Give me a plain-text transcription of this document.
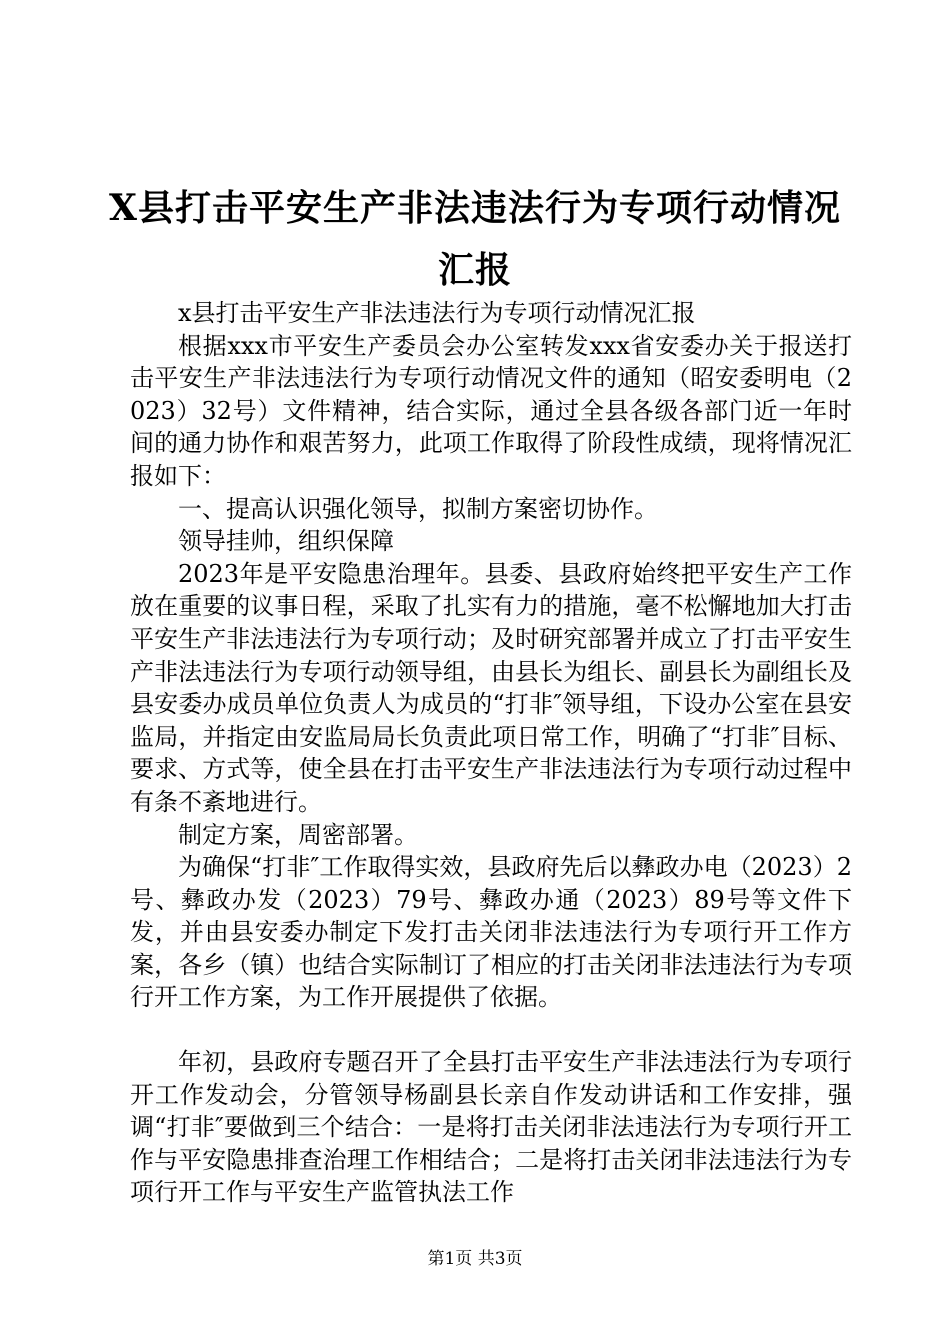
X县打击平安生产非法违法行为专项行动情况
汇报

x县打击平安生产非法违法行为专项行动情况汇报

根据xxx市平安生产委员会办公室转发xxx省安委办关于报送打击平安生产非法违法行为专项行动情况文件的通知（昭安委明电（2023）32号）文件精神，结合实际，通过全县各级各部门近一年时间的通力协作和艰苦努力，此项工作取得了阶段性成绩，现将情况汇报如下：

一、提高认识强化领导，拟制方案密切协作。

领导挂帅，组织保障

2023年是平安隐患治理年。县委、县政府始终把平安生产工作放在重要的议事日程，采取了扎实有力的措施，毫不松懈地加大打击平安生产非法违法行为专项行动；及时研究部署并成立了打击平安生产非法违法行为专项行动领导组，由县长为组长、副县长为副组长及县安委办成员单位负责人为成员的“打非″领导组，下设办公室在县安监局，并指定由安监局局长负责此项日常工作，明确了“打非″目标、要求、方式等，使全县在打击平安生产非法违法行为专项行动过程中有条不紊地进行。

制定方案，周密部署。

为确保“打非″工作取得实效，县政府先后以彝政办电（2023）2号、彝政办发（2023）79号、彝政办通（2023）89号等文件下发，并由县安委办制定下发打击关闭非法违法行为专项行开工作方案，各乡（镇）也结合实际制订了相应的打击关闭非法违法行为专项行开工作方案，为工作开展提供了依据。

年初，县政府专题召开了全县打击平安生产非法违法行为专项行开工作发动会，分管领导杨副县长亲自作发动讲话和工作安排，强调“打非″要做到三个结合：一是将打击关闭非法违法行为专项行开工作与平安隐患排查治理工作相结合；二是将打击关闭非法违法行为专项行开工作与平安生产监管执法工作

第1页 共3页
